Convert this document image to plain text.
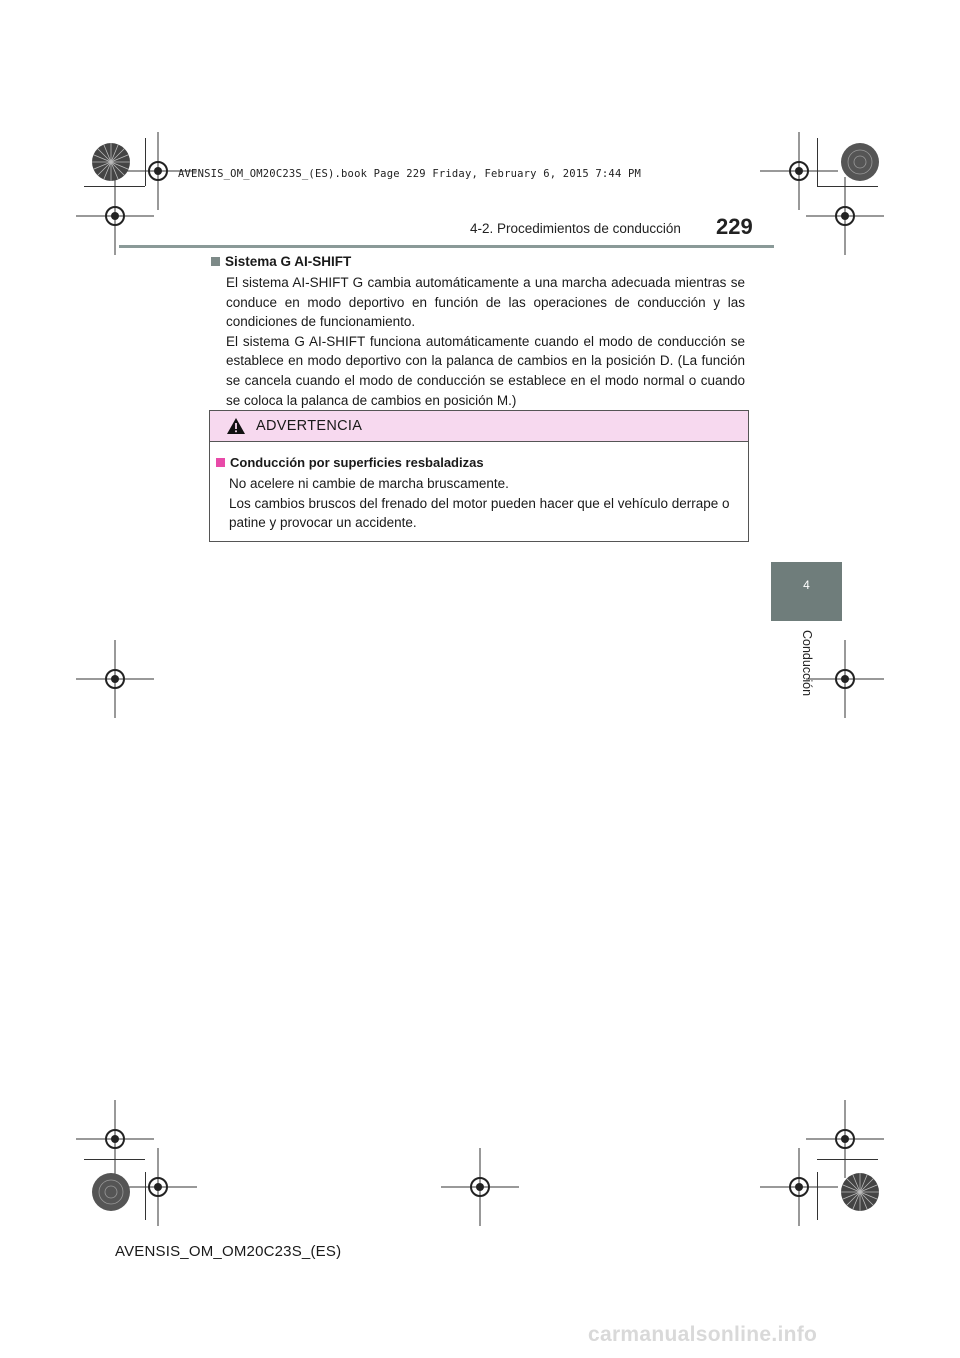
AVENSIS_OM_OM20C23S_(ES).book Page 229 Friday, February 6, 2015 7:44 PM
4-2. Procedimientos de conducción 229
4
Conducción
Sistema G AI-SHIFT

El sistema AI-SHIFT G cambia automáticamente a una marcha adecuada mientras se conduce en modo deportivo en función de las operaciones de conducción y las condiciones de funcionamiento.

El sistema G AI-SHIFT funciona automáticamente cuando el modo de conducción se establece en modo deportivo con la palanca de cambios en la posición D. (La función se cancela cuando el modo de conducción se establece en el modo normal o cuando se coloca la palanca de cambios en posición M.)

ADVERTENCIA
Conducción por superficies resbaladizas

No acelere ni cambie de marcha bruscamente.

Los cambios bruscos del frenado del motor pueden hacer que el vehículo derrape o patine y provocar un accidente.

AVENSIS_OM_OM20C23S_(ES)
carmanualsonline.info
